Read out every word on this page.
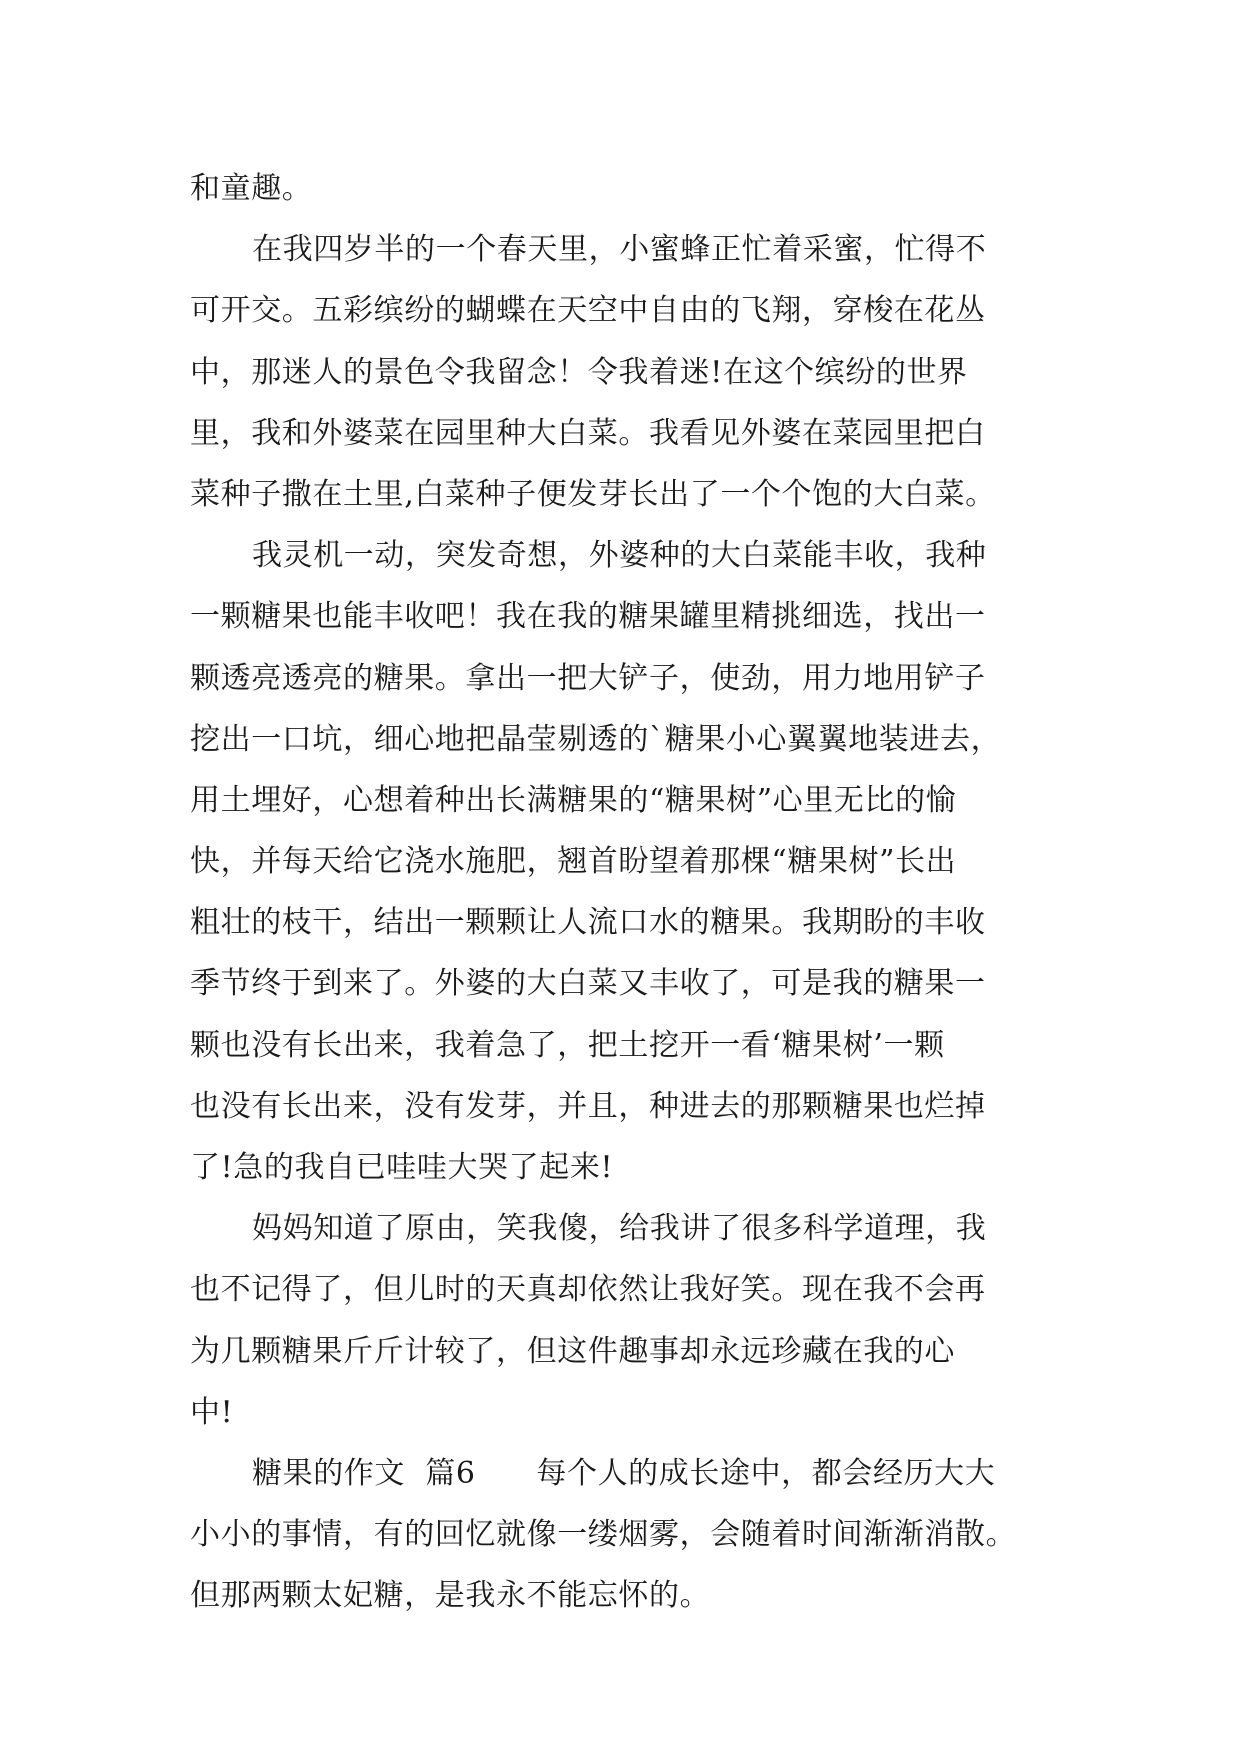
和童趣。
在我四岁半的一个春天里，小蜜蜂正忙着采蜜，忙得不
可开交。五彩缤纷的蝴蝶在天空中自由的飞翔，穿梭在花丛
中，那迷人的景色令我留念！令我着迷!在这个缤纷的世界
里，我和外婆菜在园里种大白菜。我看见外婆在菜园里把白
菜种子撒在土里,白菜种子便发芽长出了一个个饱的大白菜。
我灵机一动，突发奇想，外婆种的大白菜能丰收，我种
一颗糖果也能丰收吧！我在我的糖果罐里精挑细选，找出一
颗透亮透亮的糖果。拿出一把大铲子，使劲，用力地用铲子
挖出一口坑，细心地把晶莹剔透的`糖果小心翼翼地装进去，
用土埋好，心想着种出长满糖果的“糖果树”心里无比的愉
快，并每天给它浇水施肥，翘首盼望着那棵“糖果树”长出
粗壮的枝干，结出一颗颗让人流口水的糖果。我期盼的丰收
季节终于到来了。外婆的大白菜又丰收了，可是我的糖果一
颗也没有长出来，我着急了，把土挖开一看‘糖果树’一颗
也没有长出来，没有发芽，并且，种进去的那颗糖果也烂掉
了!急的我自已哇哇大哭了起来!
妈妈知道了原由，笑我傻，给我讲了很多科学道理，我
也不记得了，但儿时的天真却依然让我好笑。现在我不会再
为几颗糖果斤斤计较了，但这件趣事却永远珍藏在我的心
中!
糖果的作文  篇6      每个人的成长途中，都会经历大大
小小的事情，有的回忆就像一缕烟雾，会随着时间渐渐消散。
但那两颗太妃糖，是我永不能忘怀的。
